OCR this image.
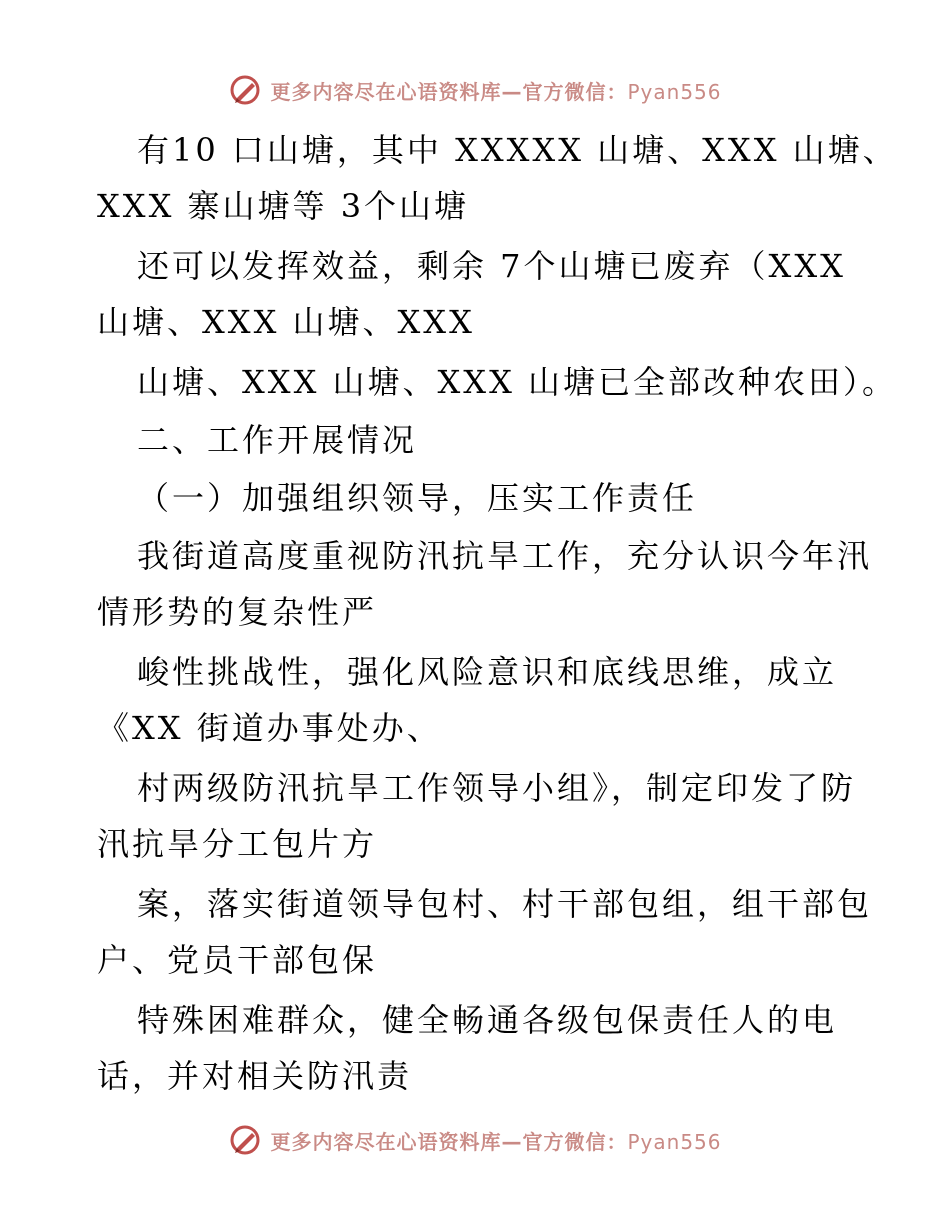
更多内容尽在心语资料库—官方微信：Pyan556
有10 口山塘，其中 XXXXX 山塘、XXX 山塘、
XXX 寨山塘等 3个山塘
还可以发挥效益，剩余 7个山塘已废弃（XXX
山塘、XXX 山塘、XXX
山塘、XXX 山塘、XXX 山塘已全部改种农田）。
二、工作开展情况
（一）加强组织领导，压实工作责任
我街道高度重视防汛抗旱工作，充分认识今年汛
情形势的复杂性严
峻性挑战性，强化风险意识和底线思维，成立
《XX 街道办事处办、
村两级防汛抗旱工作领导小组》，制定印发了防
汛抗旱分工包片方
案，落实街道领导包村、村干部包组，组干部包
户、党员干部包保
特殊困难群众，健全畅通各级包保责任人的电
话，并对相关防汛责
更多内容尽在心语资料库—官方微信：Pyan556
